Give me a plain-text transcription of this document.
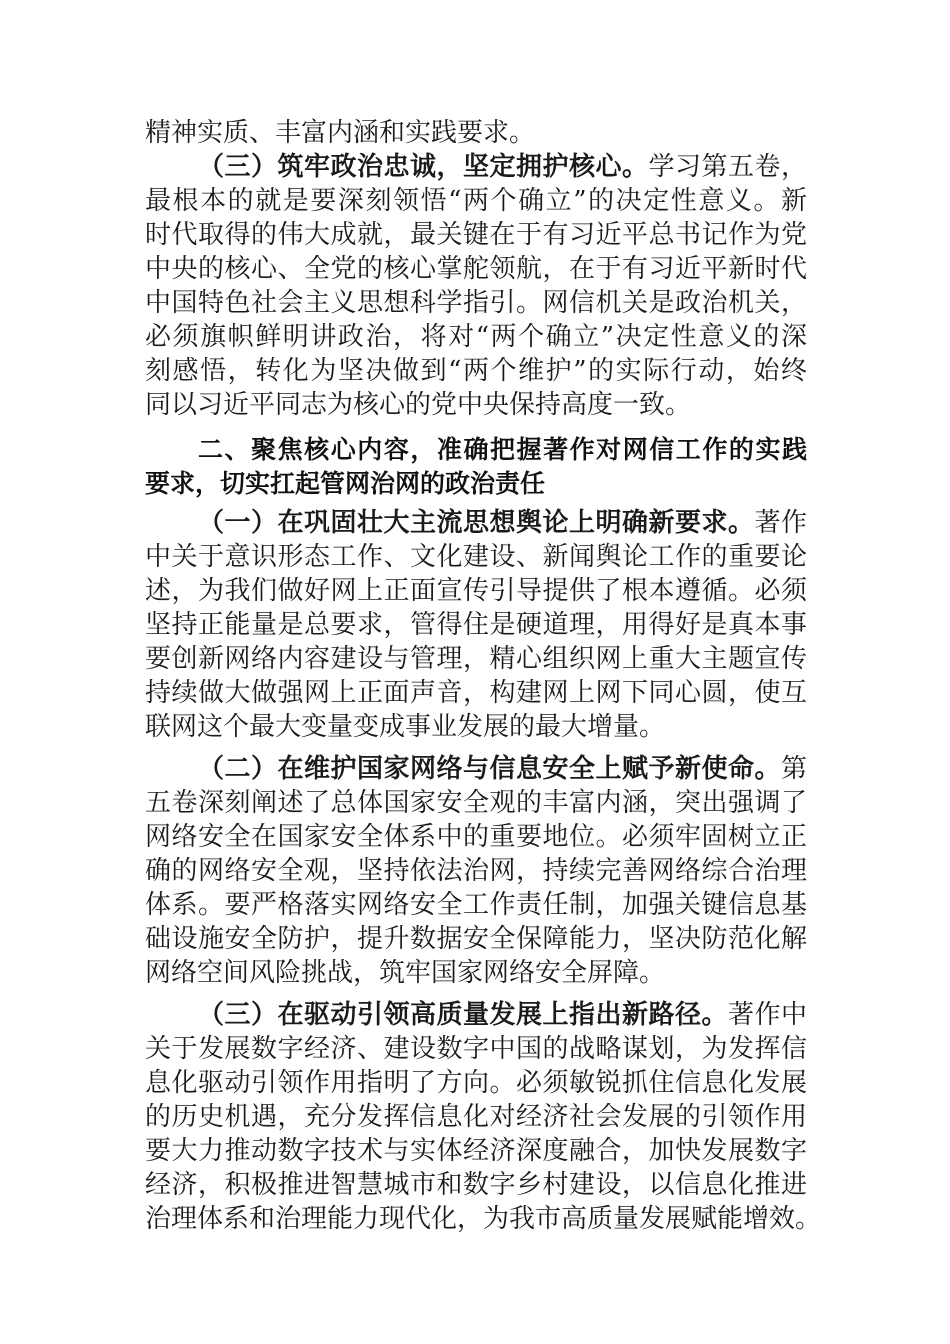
精神实质、丰富内涵和实践要求。
（三）筑牢政治忠诚，坚定拥护核心。学习第五卷，
最根本的就是要深刻领悟“两个确立”的决定性意义。新
时代取得的伟大成就，最关键在于有习近平总书记作为党
中央的核心、全党的核心掌舵领航，在于有习近平新时代
中国特色社会主义思想科学指引。网信机关是政治机关，
必须旗帜鲜明讲政治，将对“两个确立”决定性意义的深
刻感悟，转化为坚决做到“两个维护”的实际行动，始终
同以习近平同志为核心的党中央保持高度一致。
二、聚焦核心内容，准确把握著作对网信工作的实践
要求，切实扛起管网治网的政治责任
（一）在巩固壮大主流思想舆论上明确新要求。著作
中关于意识形态工作、文化建设、新闻舆论工作的重要论
述，为我们做好网上正面宣传引导提供了根本遵循。必须
坚持正能量是总要求，管得住是硬道理，用得好是真本事
要创新网络内容建设与管理，精心组织网上重大主题宣传
持续做大做强网上正面声音，构建网上网下同心圆，使互
联网这个最大变量变成事业发展的最大增量。
（二）在维护国家网络与信息安全上赋予新使命。第
五卷深刻阐述了总体国家安全观的丰富内涵，突出强调了
网络安全在国家安全体系中的重要地位。必须牢固树立正
确的网络安全观，坚持依法治网，持续完善网络综合治理
体系。要严格落实网络安全工作责任制，加强关键信息基
础设施安全防护，提升数据安全保障能力，坚决防范化解
网络空间风险挑战，筑牢国家网络安全屏障。
（三）在驱动引领高质量发展上指出新路径。著作中
关于发展数字经济、建设数字中国的战略谋划，为发挥信
息化驱动引领作用指明了方向。必须敏锐抓住信息化发展
的历史机遇，充分发挥信息化对经济社会发展的引领作用
要大力推动数字技术与实体经济深度融合，加快发展数字
经济，积极推进智慧城市和数字乡村建设，以信息化推进
治理体系和治理能力现代化，为我市高质量发展赋能增效。
